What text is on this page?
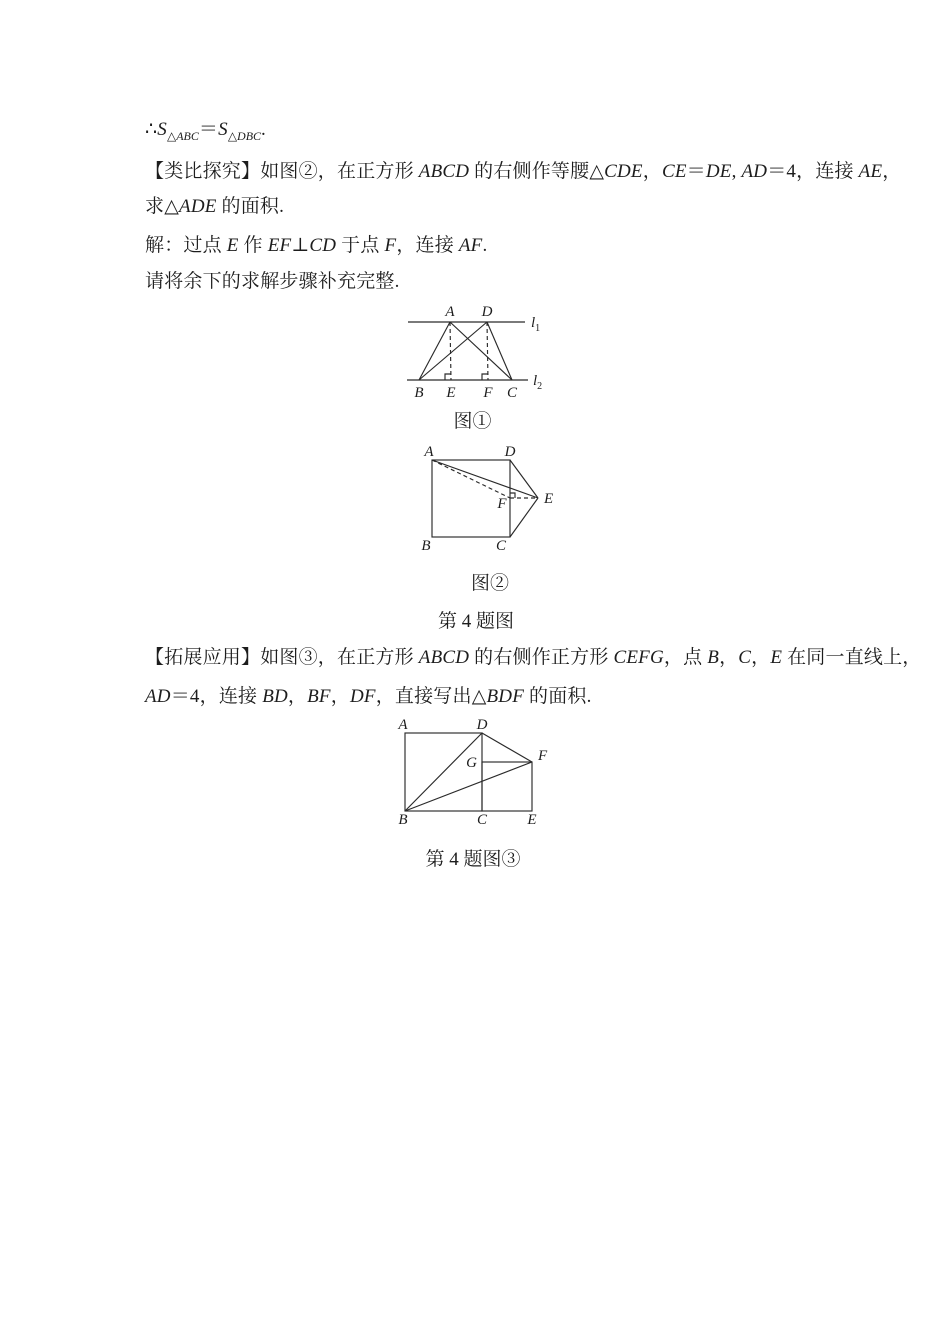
$\therefore S_{\triangle ABC}=S_{\triangle DBC}$.
【类比探究】如图②，在正方形 ABCD 的右侧作等腰△CDE，CE＝DE, AD＝4，连接 AE，
求△ADE 的面积.
解：过点 E 作 EF⊥CD 于点 F，连接 AF.
请将余下的求解步骤补充完整.
A D
B E F C
$l_1$
$l_2$
图①
A	D
B	C
E
F
图②
第 4 题图
【拓展应用】如图③，在正方形 ABCD 的右侧作正方形 CEFG，点 B，C，E 在同一直线上，
AD＝4，连接 BD，BF，DF，直接写出△BDF 的面积.
A	D
G	F
B	C	E
第 4 题图③
